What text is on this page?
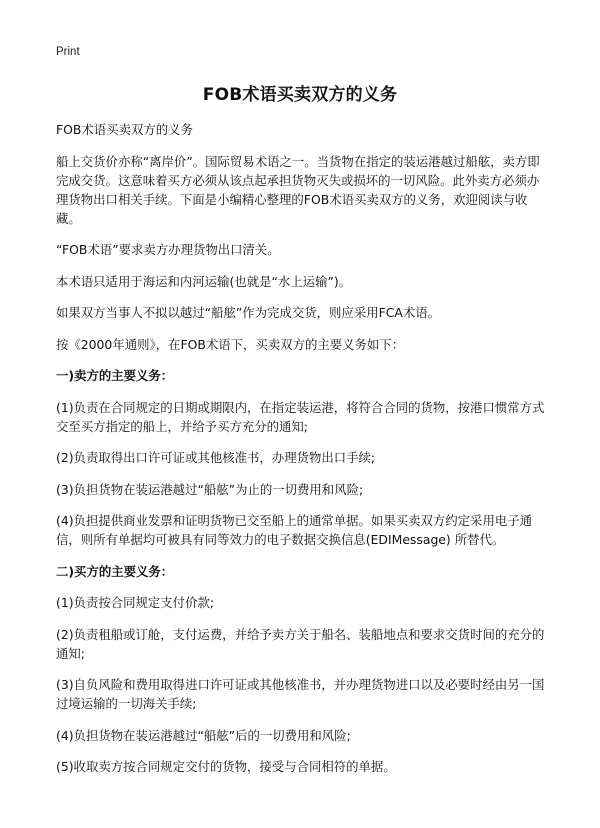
Print
FOB术语买卖双方的义务

FOB术语买卖双方的义务

船上交货价亦称“离岸价”。国际贸易术语之一。当货物在指定的装运港越过船舷，卖方即完成交货。这意味着买方必须从该点起承担货物灭失或损坏的一切风险。此外卖方必须办理货物出口相关手续。下面是小编精心整理的FOB术语买卖双方的义务，欢迎阅读与收藏。

“FOB术语”要求卖方办理货物出口清关。

本术语只适用于海运和内河运输(也就是“水上运输”)。

如果双方当事人不拟以越过“船舷”作为完成交货，则应采用FCA术语。

按《2000年通则》，在FOB术语下，买卖双方的主要义务如下：

一)卖方的主要义务：

(1)负责在合同规定的日期或期限内，在指定装运港，将符合合同的货物，按港口惯常方式交至买方指定的船上，并给予买方充分的通知;

(2)负责取得出口许可证或其他核准书，办理货物出口手续;

(3)负担货物在装运港越过“船舷”为止的一切费用和风险;

(4)负担提供商业发票和证明货物已交至船上的通常单据。如果买卖双方约定采用电子通信，则所有单据均可被具有同等效力的电子数据交换信息(EDIMessage) 所替代。

二)买方的主要义务：

(1)负责按合同规定支付价款;

(2)负责租船或订舱，支付运费，并给予卖方关于船名、装船地点和要求交货时间的充分的通知;

(3)自负风险和费用取得进口许可证或其他核准书，并办理货物进口以及必要时经由另一国过境运输的一切海关手续;

(4)负担货物在装运港越过“船舷”后的一切费用和风险;

(5)收取卖方按合同规定交付的货物，接受与合同相符的单据。
